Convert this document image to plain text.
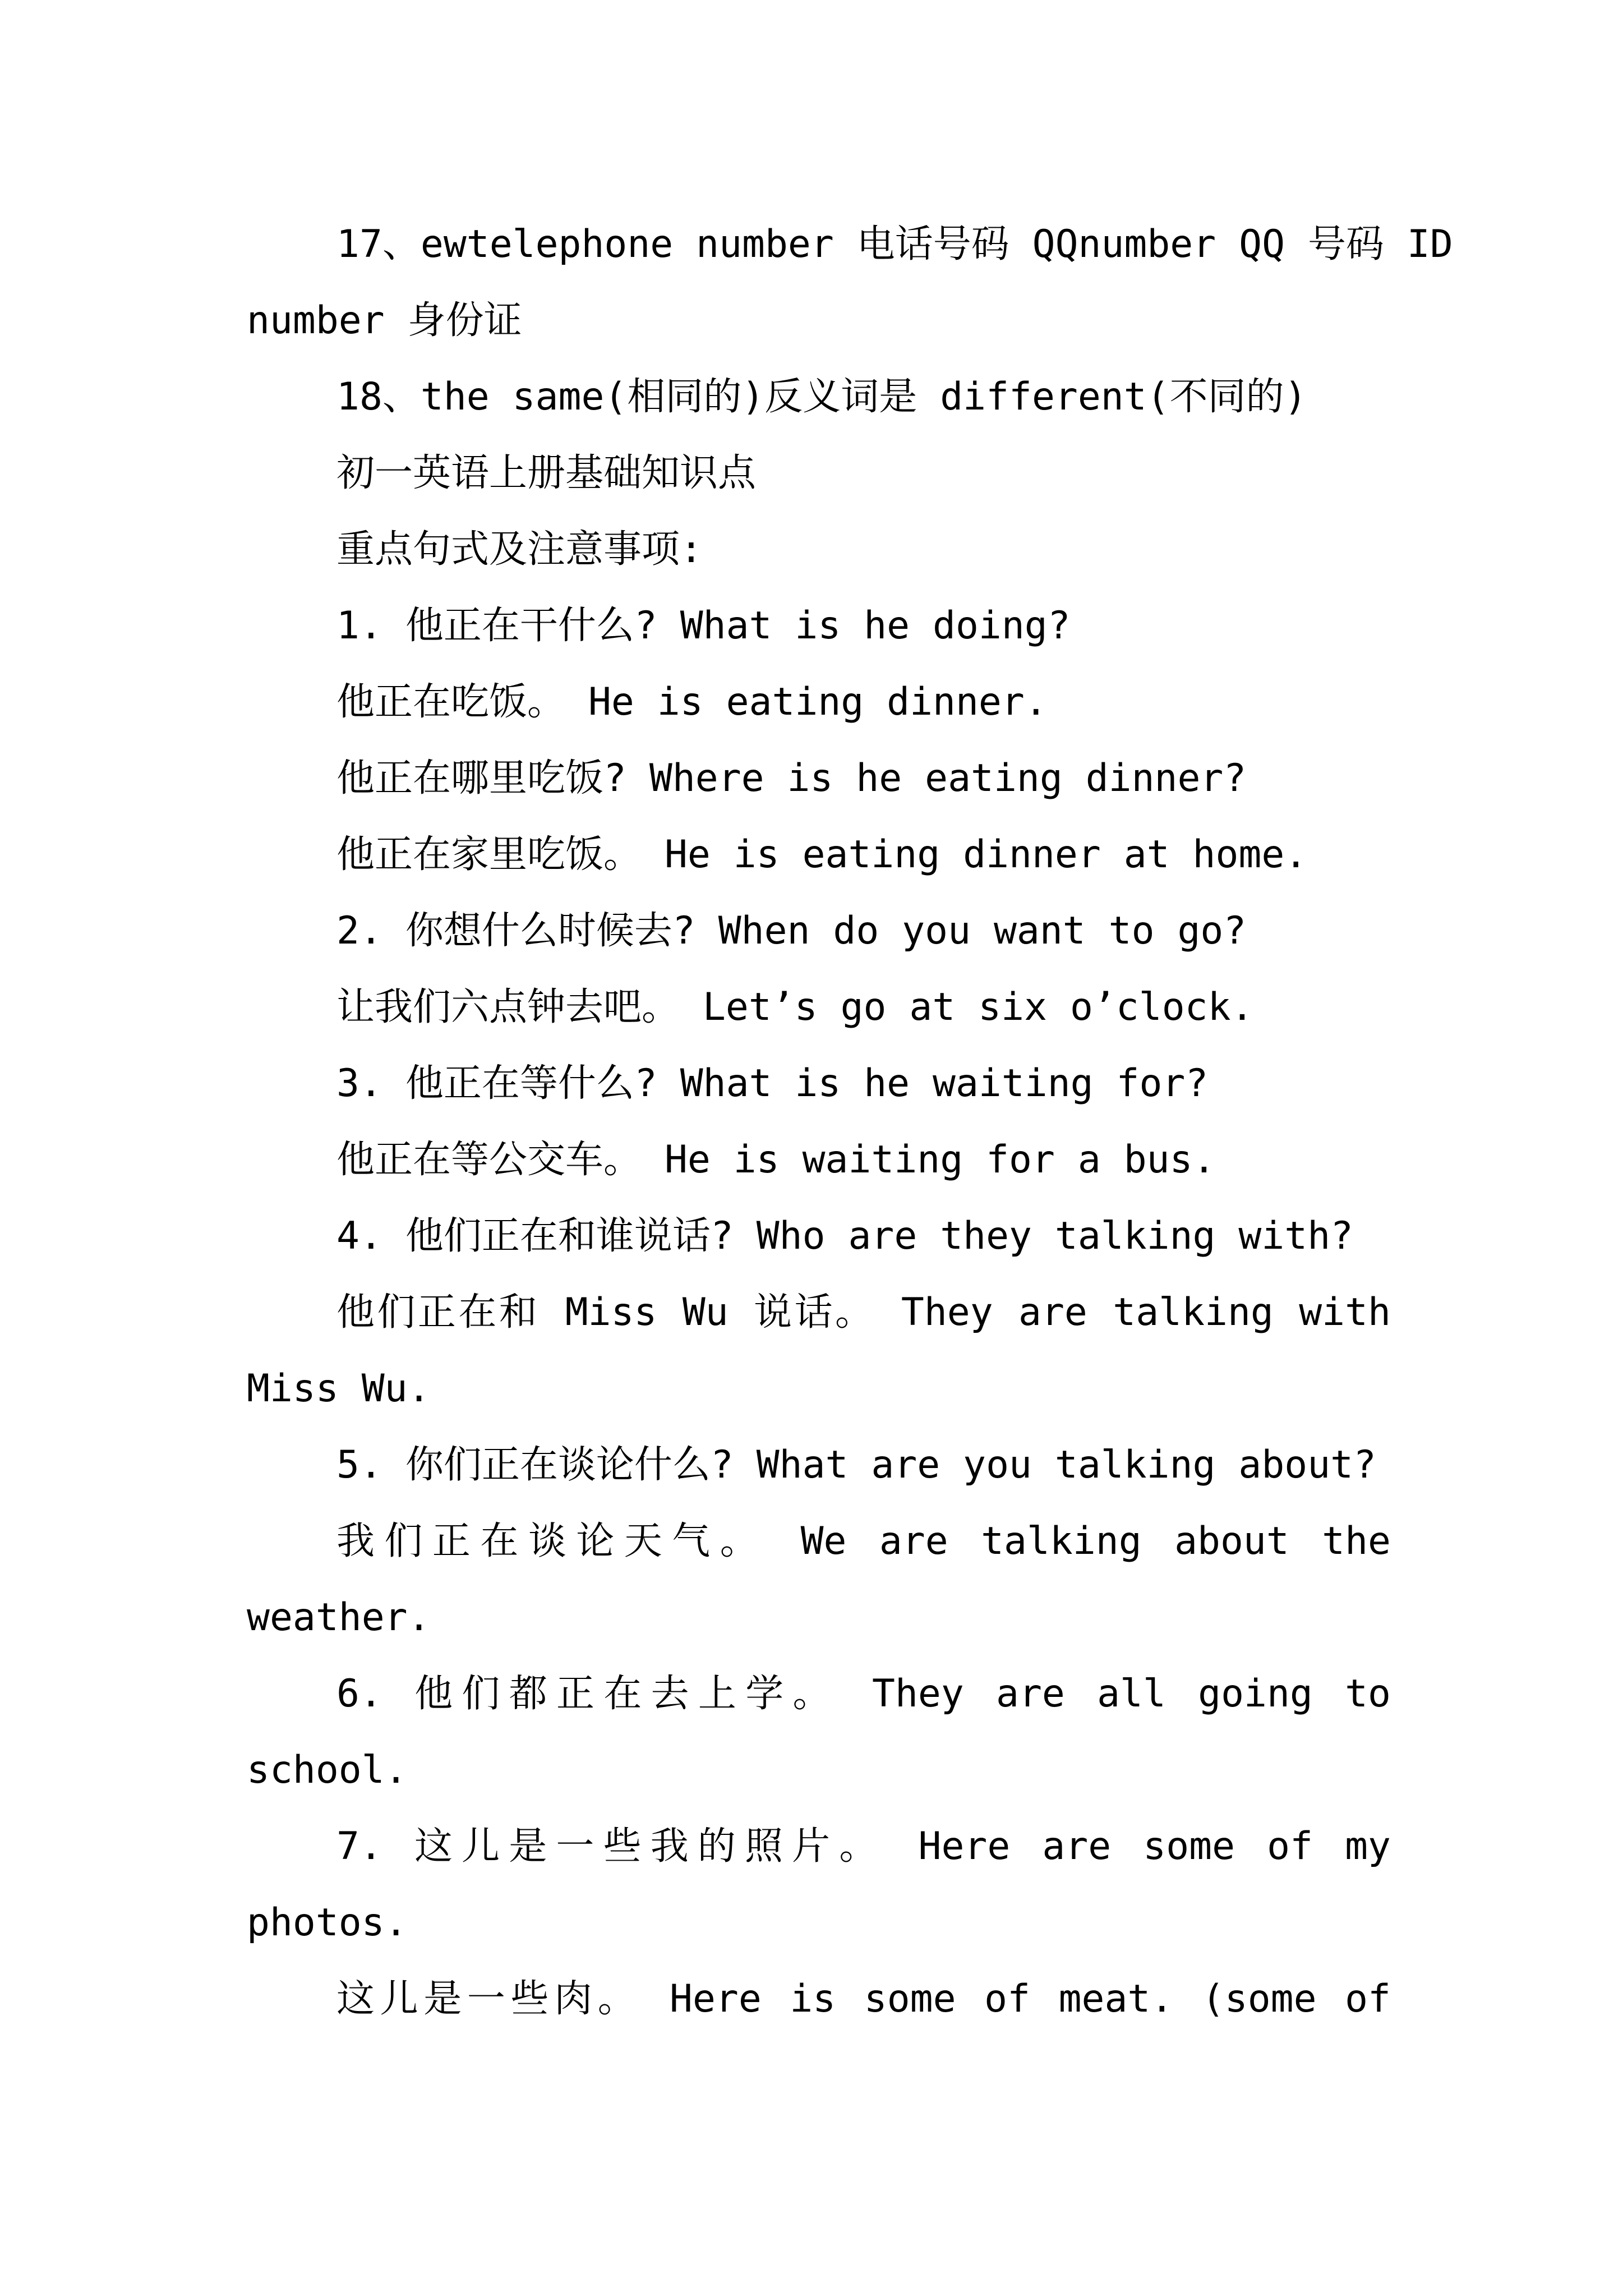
17、ewtelephone number 电话号码 QQnumber QQ 号码 ID
number 身份证
18、the same(相同的)反义词是 different(不同的)
初一英语上册基础知识点
重点句式及注意事项:
1. 他正在干什么? What is he doing?
他正在吃饭。 He is eating dinner.
他正在哪里吃饭? Where is he eating dinner?
他正在家里吃饭。 He is eating dinner at home.
2. 你想什么时候去? When do you want to go?
让我们六点钟去吧。 Let’s go at six o’clock.
3. 他正在等什么? What is he waiting for?
他正在等公交车。 He is waiting for a bus.
4. 他们正在和谁说话? Who are they talking with?
他们正在和 Miss Wu 说话。 They are talking with
Miss Wu.
5. 你们正在谈论什么? What are you talking about?
我们正在谈论天气。 We are talking about the
weather.
6. 他们都正在去上学。 They are all going to
school.
7. 这儿是一些我的照片。 Here are some of my
photos.
这儿是一些肉。 Here is some of meat. (some of
